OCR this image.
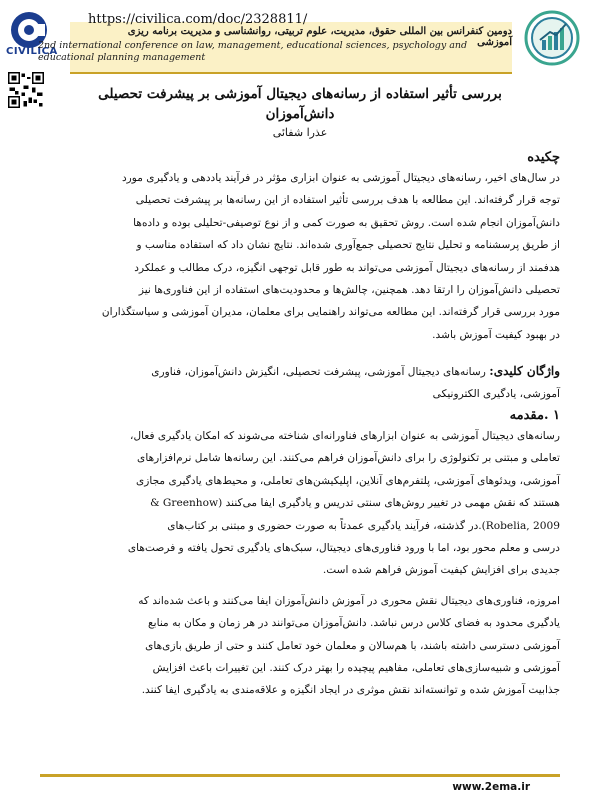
CIVILICA
https://civilica.com/doc/2328811/
دومین کنفرانس بین المللی حقوق، مدیریت، علوم تربیتی، روانشناسی و مدیریت برنامه ریزی آموزشی
2nd international conference on law, management, educational sciences, psychology and educational planning management
بررسی تأثیر استفاده از رسانه‌های دیجیتال آموزشی بر پیشرفت تحصیلی دانش‌آموزان
عذرا شفائی
چکیده
در سال‌های اخیر، رسانه‌های دیجیتال آموزشی به عنوان ابزاری مؤثر در فرآیند یاددهی و یادگیری مورد
توجه قرار گرفته‌اند. این مطالعه با هدف بررسی تأثیر استفاده از این رسانه‌ها بر پیشرفت تحصیلی
دانش‌آموزان انجام شده است. روش تحقیق به صورت کمی و از نوع توصیفی-تحلیلی بوده و داده‌ها
از طریق پرسشنامه و تحلیل نتایج تحصیلی جمع‌آوری شده‌اند. نتایج نشان داد که استفاده مناسب و
هدفمند از رسانه‌های دیجیتال آموزشی می‌تواند به طور قابل توجهی انگیزه، درک مطالب و عملکرد
تحصیلی دانش‌آموزان را ارتقا دهد. همچنین، چالش‌ها و محدودیت‌های استفاده از این فناوری‌ها نیز
مورد بررسی قرار گرفته‌اند. این مطالعه می‌تواند راهنمایی برای معلمان، مدیران آموزشی و سیاستگذاران
در بهبود کیفیت آموزش باشد.
واژگان کلیدی: رسانه‌های دیجیتال آموزشی، پیشرفت تحصیلی، انگیزش دانش‌آموزان، فناوری
آموزشی، یادگیری الکترونیکی
۱ .مقدمه
رسانه‌های دیجیتال آموزشی به عنوان ابزارهای فناورانه‌ای شناخته می‌شوند که امکان یادگیری فعال،
تعاملی و مبتنی بر تکنولوژی را برای دانش‌آموزان فراهم می‌کنند. این رسانه‌ها شامل نرم‌افزارهای
آموزشی، ویدئوهای آموزشی، پلتفرم‌های آنلاین، اپلیکیشن‌های تعاملی، و محیط‌های یادگیری مجازی
هستند که نقش مهمی در تغییر روش‌های سنتی تدریس و یادگیری ایفا می‌کنند (Greenhow &
Robelia, 2009).در گذشته، فرآیند یادگیری عمدتاً به صورت حضوری و مبتنی بر کتاب‌های
درسی و معلم محور بود، اما با ورود فناوری‌های دیجیتال، سبک‌های یادگیری تحول یافته و فرصت‌های
جدیدی برای افزایش کیفیت آموزش فراهم شده است.
امروزه، فناوری‌های دیجیتال نقش محوری در آموزش دانش‌آموزان ایفا می‌کنند و باعث شده‌اند که
یادگیری محدود به فضای کلاس درس نباشد. دانش‌آموزان می‌توانند در هر زمان و مکان به منابع
آموزشی دسترسی داشته باشند، با هم‌سالان و معلمان خود تعامل کنند و حتی از طریق بازی‌های
آموزشی و شبیه‌سازی‌های تعاملی، مفاهیم پیچیده را بهتر درک کنند. این تغییرات باعث افزایش
جذابیت آموزش شده و توانسته‌اند نقش موثری در ایجاد انگیزه و علاقه‌مندی به یادگیری ایفا کنند.
www.2ema.ir
